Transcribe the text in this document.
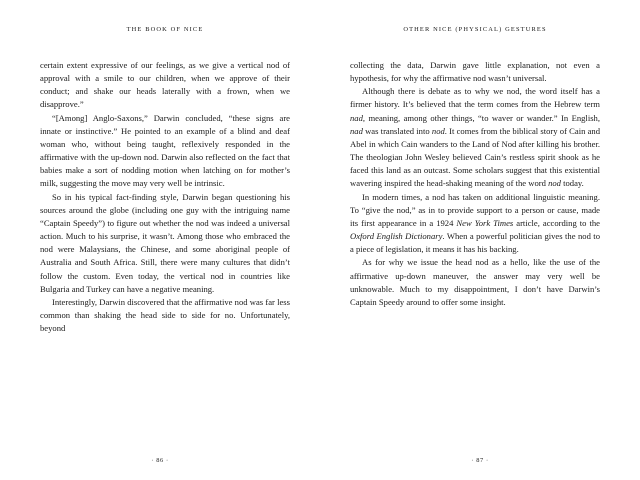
THE BOOK OF NICE

certain extent expressive of our feelings, as we give a vertical nod of approval with a smile to our children, when we approve of their conduct; and shake our heads laterally with a frown, when we disapprove.”

“[Among] Anglo-Saxons,” Darwin concluded, “these signs are innate or instinctive.” He pointed to an example of a blind and deaf woman who, without being taught, reflexively responded in the affirmative with the up-down nod. Darwin also reflected on the fact that babies make a sort of nodding motion when latching on for mother’s milk, suggesting the move may very well be intrinsic.

So in his typical fact-finding style, Darwin began questioning his sources around the globe (including one guy with the intriguing name “Captain Speedy”) to figure out whether the nod was indeed a universal action. Much to his surprise, it wasn’t. Among those who embraced the nod were Malaysians, the Chinese, and some aboriginal people of Australia and South Africa. Still, there were many cultures that didn’t follow the custom. Even today, the vertical nod in countries like Bulgaria and Turkey can have a negative meaning.

Interestingly, Darwin discovered that the affirmative nod was far less common than shaking the head side to side for no. Unfortunately, beyond

· 86 ·
OTHER NICE (PHYSICAL) GESTURES

collecting the data, Darwin gave little explanation, not even a hypothesis, for why the affirmative nod wasn’t universal.

Although there is debate as to why we nod, the word itself has a firmer history. It’s believed that the term comes from the Hebrew term nad, meaning, among other things, “to waver or wander.” In English, nad was translated into nod. It comes from the biblical story of Cain and Abel in which Cain wanders to the Land of Nod after killing his brother. The theologian John Wesley believed Cain’s restless spirit shook as he faced this land as an outcast. Some scholars suggest that this existential wavering inspired the head-shaking meaning of the word nod today.

In modern times, a nod has taken on additional linguistic meaning. To “give the nod,” as in to provide support to a person or cause, made its first appearance in a 1924 New York Times article, according to the Oxford English Dictionary. When a powerful politician gives the nod to a piece of legislation, it means it has his backing.

As for why we issue the head nod as a hello, like the use of the affirmative up-down maneuver, the answer may very well be unknowable. Much to my disappointment, I don’t have Darwin’s Captain Speedy around to offer some insight.

· 87 ·
